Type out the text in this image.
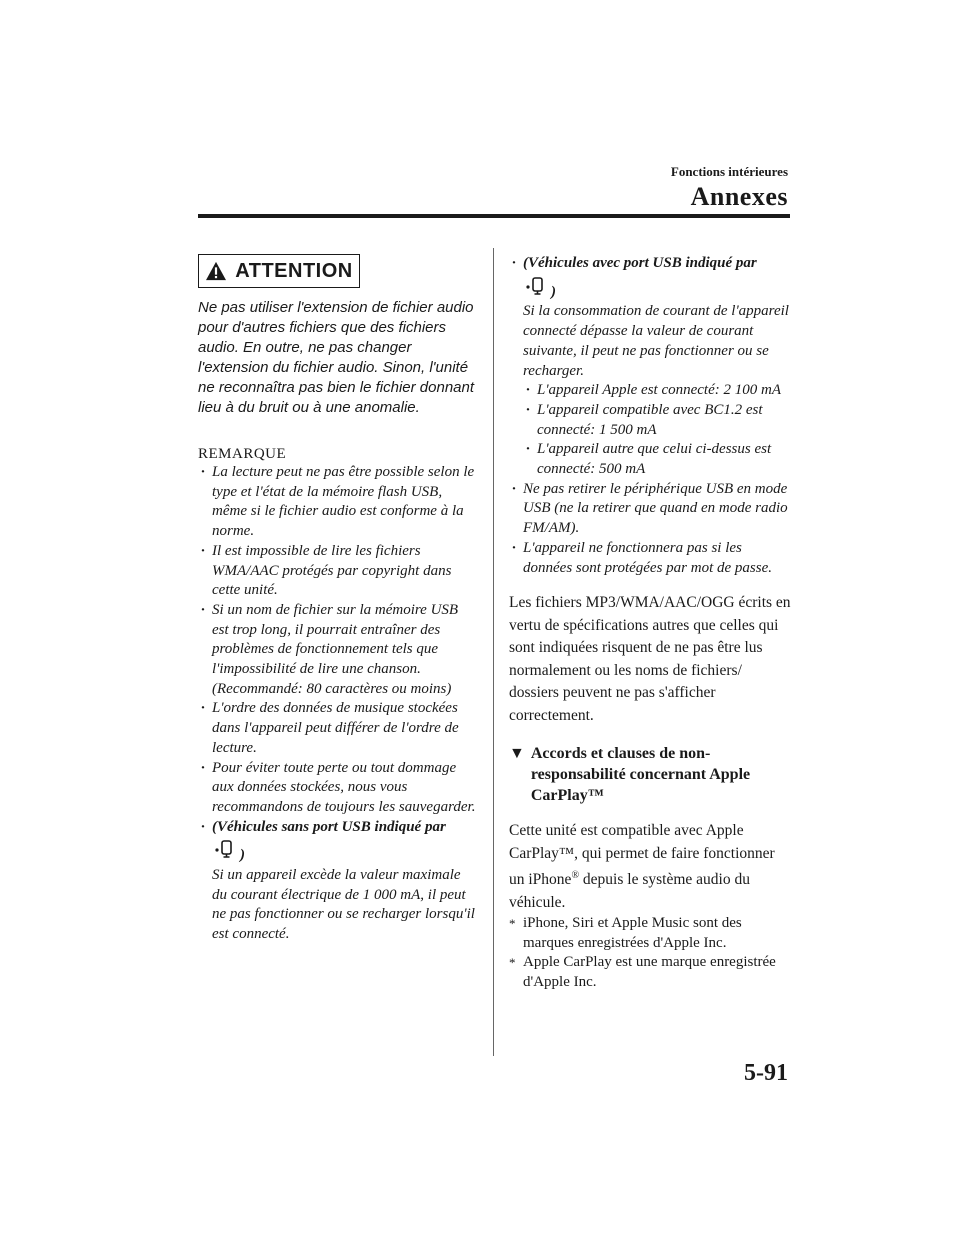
Fonctions intérieures
Annexes
ATTENTION
Ne pas utiliser l'extension de fichier audio pour d'autres fichiers que des fichiers audio. En outre, ne pas changer l'extension du fichier audio. Sinon, l'unité ne reconnaîtra pas bien le fichier donnant lieu à du bruit ou à une anomalie.
REMARQUE
· La lecture peut ne pas être possible selon le type et l'état de la mémoire flash USB, même si le fichier audio est conforme à la norme.
· Il est impossible de lire les fichiers WMA/AAC protégés par copyright dans cette unité.
· Si un nom de fichier sur la mémoire USB est trop long, il pourrait entraîner des problèmes de fonctionnement tels que l'impossibilité de lire une chanson. (Recommandé: 80 caractères ou moins)
· L'ordre des données de musique stockées dans l'appareil peut différer de l'ordre de lecture.
· Pour éviter toute perte ou tout dommage aux données stockées, nous vous recommandons de toujours les sauvegarder.
· (Véhicules sans port USB indiqué par

)
Si un appareil excède la valeur maximale du courant électrique de 1 000 mA, il peut ne pas fonctionner ou se recharger lorsqu'il est connecté.
· (Véhicules avec port USB indiqué par

)
Si la consommation de courant de l'appareil connecté dépasse la valeur de courant suivante, il peut ne pas fonctionner ou se recharger.
· L'appareil Apple est connecté: 2 100 mA
· L'appareil compatible avec BC1.2 est connecté: 1 500 mA
· L'appareil autre que celui ci-dessus est connecté: 500 mA
· Ne pas retirer le périphérique USB en mode USB (ne la retirer que quand en mode radio FM/AM).
· L'appareil ne fonctionnera pas si les données sont protégées par mot de passe.
Les fichiers MP3/WMA/AAC/OGG écrits en vertu de spécifications autres que celles qui sont indiquées risquent de ne pas être lus normalement ou les noms de fichiers/ dossiers peuvent ne pas s'afficher correctement.
▼ Accords et clauses de non-responsabilité concernant Apple CarPlay™
Cette unité est compatible avec Apple CarPlay™, qui permet de faire fonctionner un iPhone® depuis le système audio du véhicule.
* iPhone, Siri et Apple Music sont des marques enregistrées d'Apple Inc.
* Apple CarPlay est une marque enregistrée d'Apple Inc.
5-91
